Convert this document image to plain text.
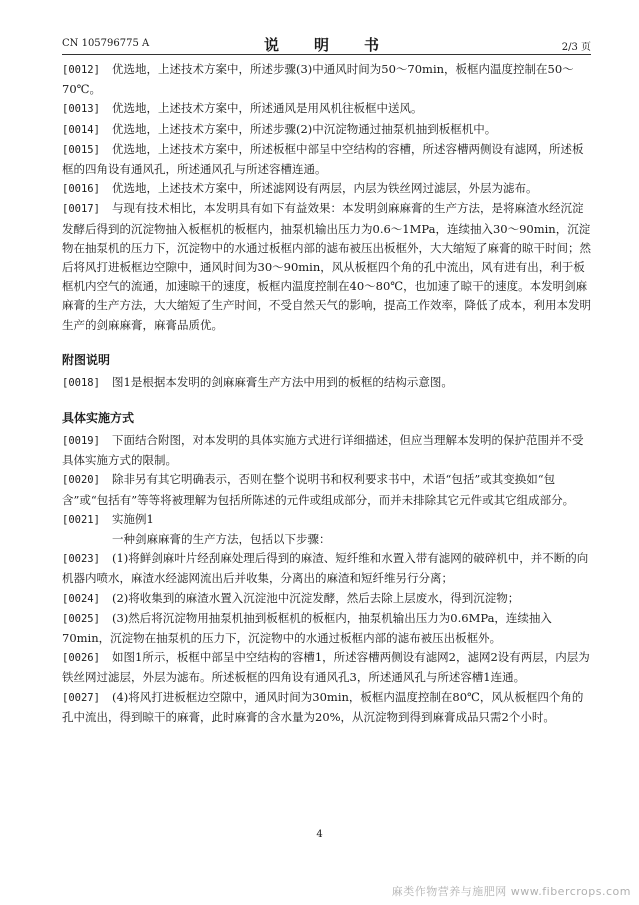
CN 105796775 A	说　明　书	2/3 页

[0012] 优选地，上述技术方案中，所述步骤(3)中通风时间为50～70min，板框内温度控制在50～70℃。

[0013] 优选地，上述技术方案中，所述通风是用风机往板框中送风。

[0014] 优选地，上述技术方案中，所述步骤(2)中沉淀物通过抽泵机抽到板框机中。

[0015] 优选地，上述技术方案中，所述板框中部呈中空结构的容槽，所述容槽两侧设有滤网，所述板框的四角设有通风孔，所述通风孔与所述容槽连通。

[0016] 优选地，上述技术方案中，所述滤网设有两层，内层为铁丝网过滤层，外层为滤布。

[0017] 与现有技术相比，本发明具有如下有益效果：本发明剑麻麻膏的生产方法，是将麻渣水经沉淀发酵后得到的沉淀物抽入板框机的板框内，抽泵机输出压力为0.6～1MPa，连续抽入30～90min，沉淀物在抽泵机的压力下，沉淀物中的水通过板框内部的滤布被压出板框外，大大缩短了麻膏的晾干时间；然后将风打进板框边空隙中，通风时间为30～90min，风从板框四个角的孔中流出，风有进有出，利于板框机内空气的流通，加速晾干的速度，板框内温度控制在40～80℃，也加速了晾干的速度。本发明剑麻麻膏的生产方法，大大缩短了生产时间，不受自然天气的影响，提高工作效率，降低了成本，利用本发明生产的剑麻麻膏，麻膏品质优。

附图说明

[0018] 图1是根据本发明的剑麻麻膏生产方法中用到的板框的结构示意图。

具体实施方式

[0019] 下面结合附图，对本发明的具体实施方式进行详细描述，但应当理解本发明的保护范围并不受具体实施方式的限制。

[0020] 除非另有其它明确表示，否则在整个说明书和权利要求书中，术语“包括”或其变换如“包含”或“包括有”等等将被理解为包括所陈述的元件或组成部分，而并未排除其它元件或其它组成部分。

[0021] 实施例1

一种剑麻麻膏的生产方法，包括以下步骤：

[0023] (1)将鲜剑麻叶片经刮麻处理后得到的麻渣、短纤维和水置入带有滤网的破碎机中，并不断的向机器内喷水，麻渣水经滤网流出后并收集，分离出的麻渣和短纤维另行分离；

[0024] (2)将收集到的麻渣水置入沉淀池中沉淀发酵，然后去除上层废水，得到沉淀物；

[0025] (3)然后将沉淀物用抽泵机抽到板框机的板框内，抽泵机输出压力为0.6MPa，连续抽入70min，沉淀物在抽泵机的压力下，沉淀物中的水通过板框内部的滤布被压出板框外。

[0026] 如图1所示，板框中部呈中空结构的容槽1，所述容槽两侧设有滤网2，滤网2设有两层，内层为铁丝网过滤层，外层为滤布。所述板框的四角设有通风孔3，所述通风孔与所述容槽1连通。

[0027] (4)将风打进板框边空隙中，通风时间为30min，板框内温度控制在80℃，风从板框四个角的孔中流出，得到晾干的麻膏，此时麻膏的含水量为20%，从沉淀物到得到麻膏成品只需2个小时。

4
麻类作物营养与施肥网 www.fibercrops.com
